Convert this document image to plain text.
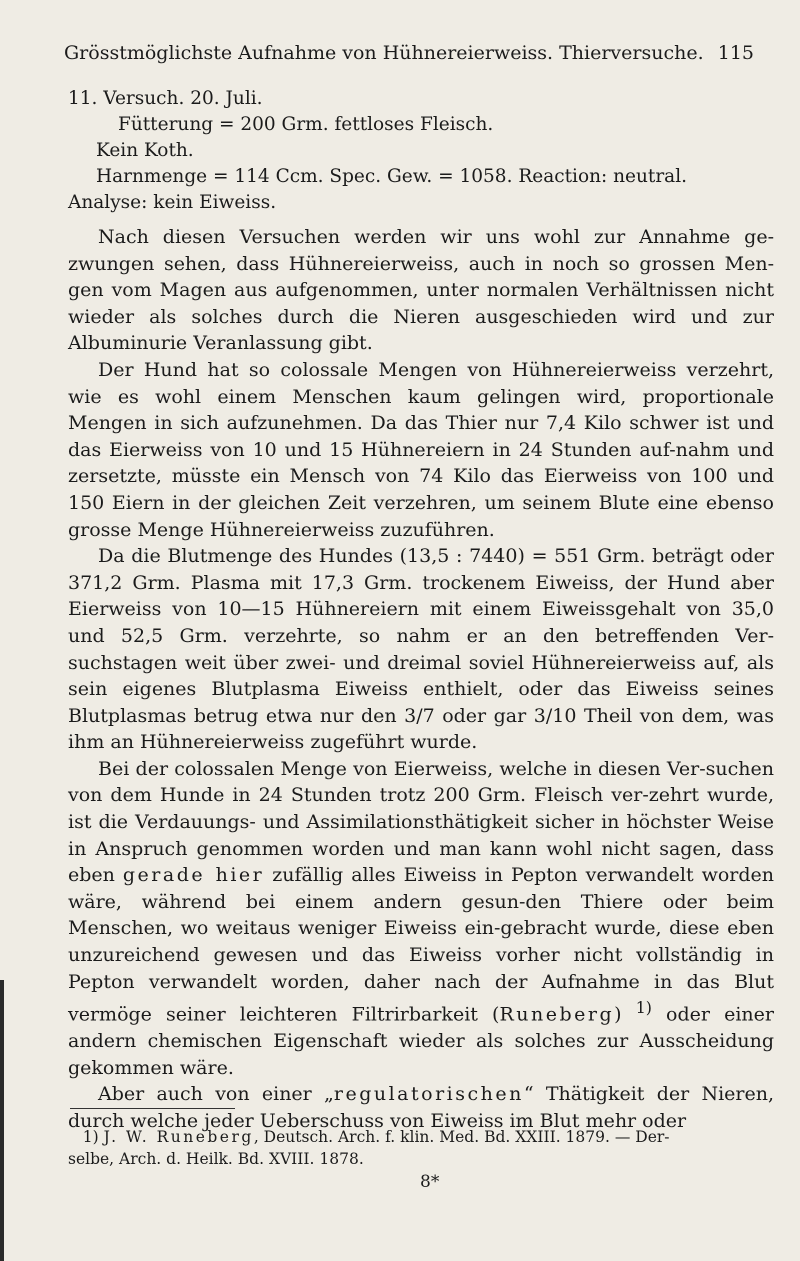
Grösstmöglichste Aufnahme von Hühnereierweiss. Thierversuche. 115
11. Versuch. 20. Juli.
Fütterung = 200 Grm. fettloses Fleisch.
Kein Koth.
Harnmenge = 114 Ccm. Spec. Gew. = 1058. Reaction: neutral.
Analyse: kein Eiweiss.

Nach diesen Versuchen werden wir uns wohl zur Annahme ge-zwungen sehen, dass Hühnereierweiss, auch in noch so grossen Men-gen vom Magen aus aufgenommen, unter normalen Verhältnissen nicht wieder als solches durch die Nieren ausgeschieden wird und zur Albuminurie Veranlassung gibt.

Der Hund hat so colossale Mengen von Hühnereierweiss verzehrt, wie es wohl einem Menschen kaum gelingen wird, proportionale Mengen in sich aufzunehmen. Da das Thier nur 7,4 Kilo schwer ist und das Eierweiss von 10 und 15 Hühnereiern in 24 Stunden auf-nahm und zersetzte, müsste ein Mensch von 74 Kilo das Eierweiss von 100 und 150 Eiern in der gleichen Zeit verzehren, um seinem Blute eine ebenso grosse Menge Hühnereierweiss zuzuführen.

Da die Blutmenge des Hundes (13,5 : 7440) = 551 Grm. beträgt oder 371,2 Grm. Plasma mit 17,3 Grm. trockenem Eiweiss, der Hund aber Eierweiss von 10—15 Hühnereiern mit einem Eiweissgehalt von 35,0 und 52,5 Grm. verzehrte, so nahm er an den betreffenden Ver-suchstagen weit über zwei- und dreimal soviel Hühnereierweiss auf, als sein eigenes Blutplasma Eiweiss enthielt, oder das Eiweiss seines Blutplasmas betrug etwa nur den 3/7 oder gar 3/10 Theil von dem, was ihm an Hühnereierweiss zugeführt wurde.

Bei der colossalen Menge von Eierweiss, welche in diesen Ver-suchen von dem Hunde in 24 Stunden trotz 200 Grm. Fleisch ver-zehrt wurde, ist die Verdauungs- und Assimilationsthätigkeit sicher in höchster Weise in Anspruch genommen worden und man kann wohl nicht sagen, dass eben gerade hier zufällig alles Eiweiss in Pepton verwandelt worden wäre, während bei einem andern gesun-den Thiere oder beim Menschen, wo weitaus weniger Eiweiss ein-gebracht wurde, diese eben unzureichend gewesen und das Eiweiss vorher nicht vollständig in Pepton verwandelt worden, daher nach der Aufnahme in das Blut vermöge seiner leichteren Filtrirbarkeit (Runeberg) $^{1)}$ oder einer andern chemischen Eigenschaft wieder als solches zur Ausscheidung gekommen wäre.

Aber auch von einer „regulatorischen“ Thätigkeit der Nieren, durch welche jeder Ueberschuss von Eiweiss im Blut mehr oder

1) J. W. Runeberg, Deutsch. Arch. f. klin. Med. Bd. XXIII. 1879. — Der-
selbe, Arch. d. Heilk. Bd. XVIII. 1878.
8*
